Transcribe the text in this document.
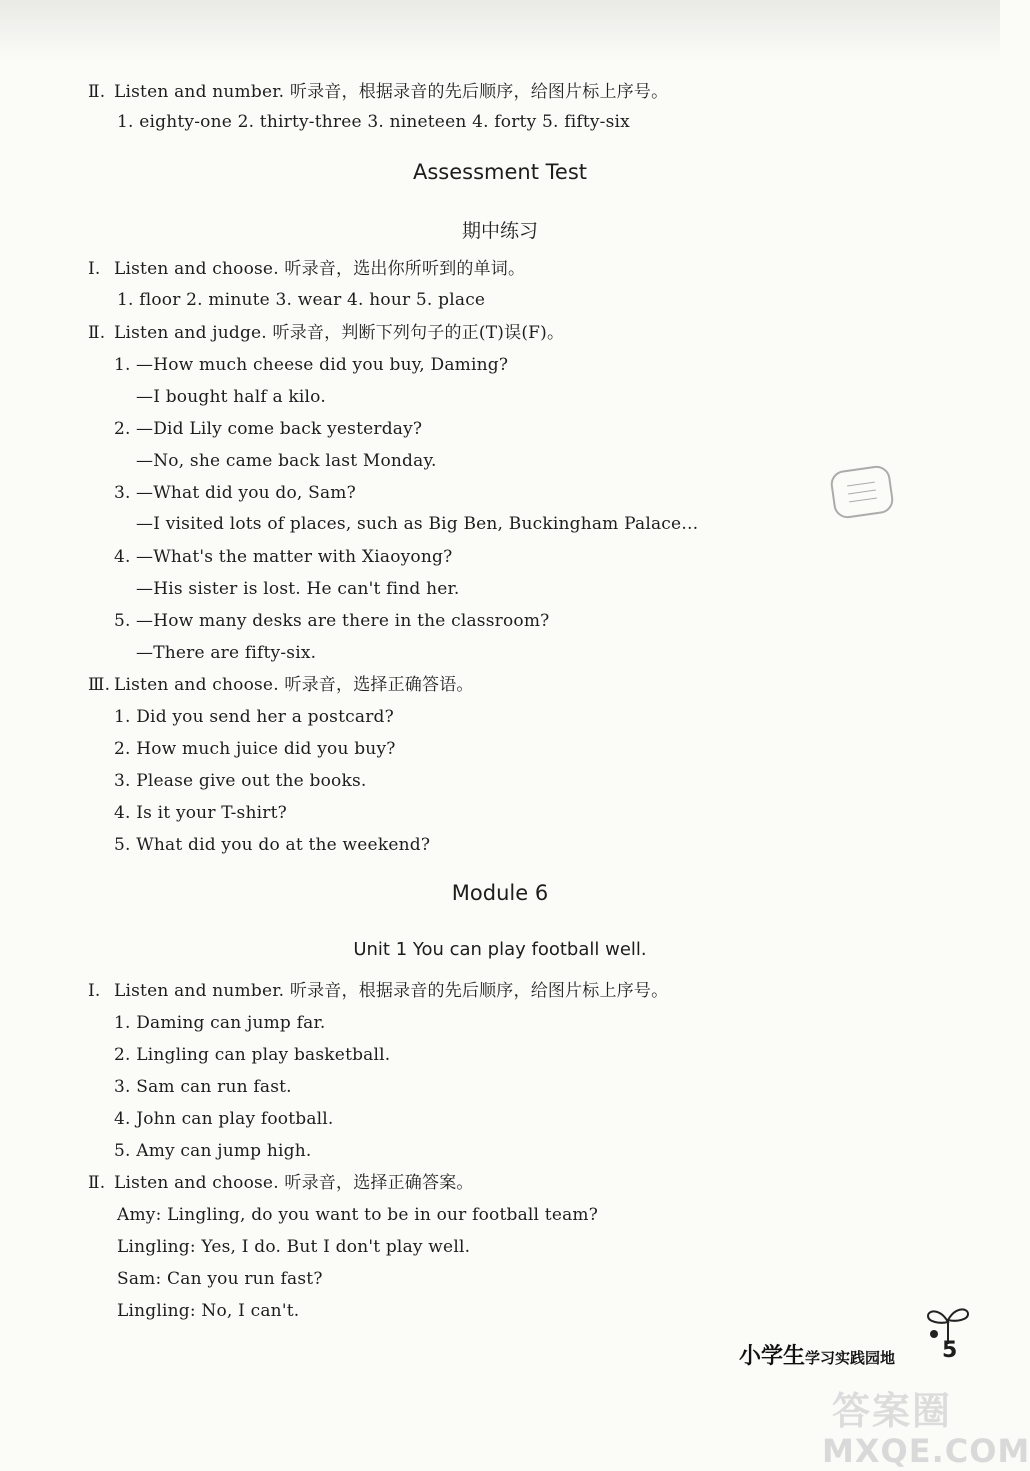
Ⅱ. Listen and number. 听录音，根据录音的先后顺序，给图片标上序号。
1. eighty-one 2. thirty-three 3. nineteen 4. forty 5. fifty-six
Assessment Test
期中练习
Ⅰ. Listen and choose. 听录音，选出你所听到的单词。
1. floor 2. minute 3. wear 4. hour 5. place
Ⅱ. Listen and judge. 听录音，判断下列句子的正(T)误(F)。
1. —How much cheese did you buy, Daming?
—I bought half a kilo.
2. —Did Lily come back yesterday?
—No, she came back last Monday.
3. —What did you do, Sam?
—I visited lots of places, such as Big Ben, Buckingham Palace…
4. —What's the matter with Xiaoyong?
—His sister is lost. He can't find her.
5. —How many desks are there in the classroom?
—There are fifty-six.
Ⅲ. Listen and choose. 听录音，选择正确答语。
1. Did you send her a postcard?
2. How much juice did you buy?
3. Please give out the books.
4. Is it your T-shirt?
5. What did you do at the weekend?
Module 6
Unit 1 You can play football well.
Ⅰ. Listen and number. 听录音，根据录音的先后顺序，给图片标上序号。
1. Daming can jump far.
2. Lingling can play basketball.
3. Sam can run fast.
4. John can play football.
5. Amy can jump high.
Ⅱ. Listen and choose. 听录音，选择正确答案。
Amy: Lingling, do you want to be in our football team?
Lingling: Yes, I do. But I don't play well.
Sam: Can you run fast?
Lingling: No, I can't.
小学生学习实践园地 5
答案圈
MXQE.COM
